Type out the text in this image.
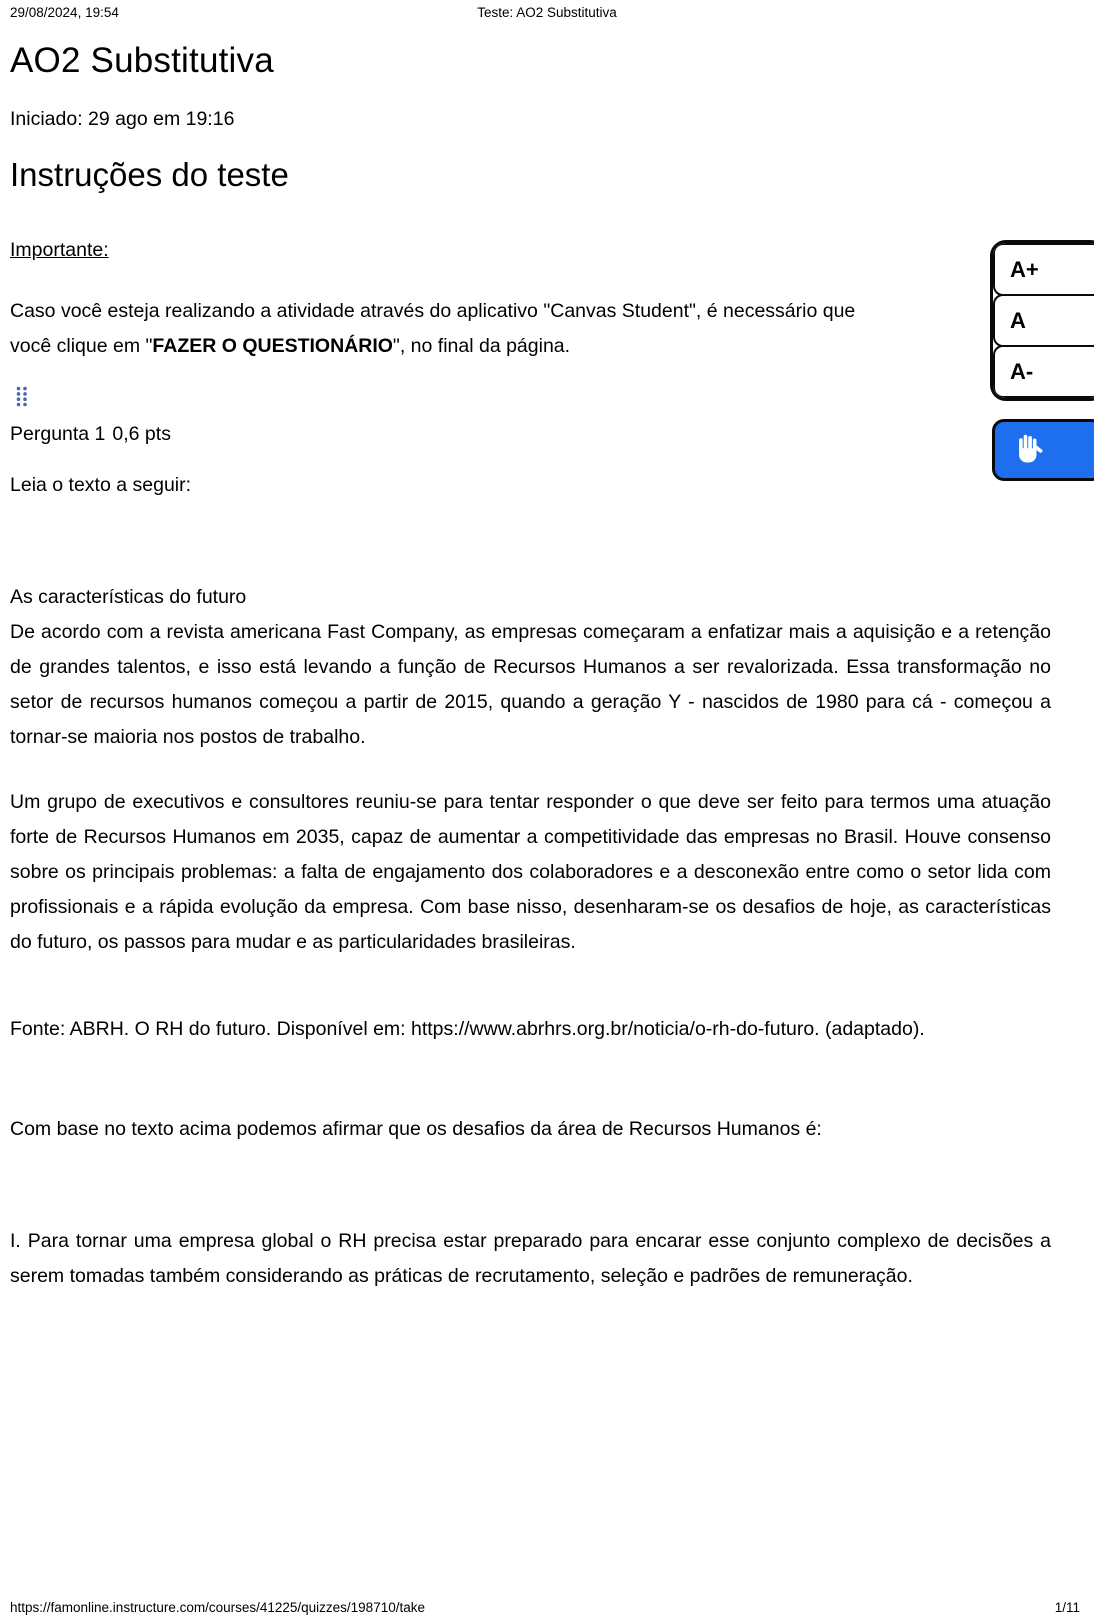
29/08/2024, 19:54	Teste: AO2 Substitutiva
AO2 Substitutiva

Iniciado: 29 ago em 19:16

Instruções do teste

Importante:

Caso você esteja realizando a atividade através do aplicativo "Canvas Student", é necessário que
você clique em "FAZER O QUESTIONÁRIO", no final da página.

Pergunta 1 0,6 pts

Leia o texto a seguir:

As características do futuro

De acordo com a revista americana Fast Company, as empresas começaram a enfatizar mais a aquisição e a retenção de grandes talentos, e isso está levando a função de Recursos Humanos a ser revalorizada. Essa transformação no setor de recursos humanos começou a partir de 2015, quando a geração Y - nascidos de 1980 para cá - começou a tornar-se maioria nos postos de trabalho.

Um grupo de executivos e consultores reuniu-se para tentar responder o que deve ser feito para termos uma atuação forte de Recursos Humanos em 2035, capaz de aumentar a competitividade das empresas no Brasil. Houve consenso sobre os principais problemas: a falta de engajamento dos colaboradores e a desconexão entre como o setor lida com profissionais e a rápida evolução da empresa. Com base nisso, desenharam-se os desafios de hoje, as características do futuro, os passos para mudar e as particularidades brasileiras.

Fonte: ABRH. O RH do futuro. Disponível em: https://www.abrhrs.org.br/noticia/o-rh-do-futuro. (adaptado).

Com base no texto acima podemos afirmar que os desafios da área de Recursos Humanos é:

I. Para tornar uma empresa global o RH precisa estar preparado para encarar esse conjunto complexo de decisões a serem tomadas também considerando as práticas de recrutamento, seleção e padrões de remuneração.

A+
A
A-
https://famonline.instructure.com/courses/41225/quizzes/198710/take	1/11
